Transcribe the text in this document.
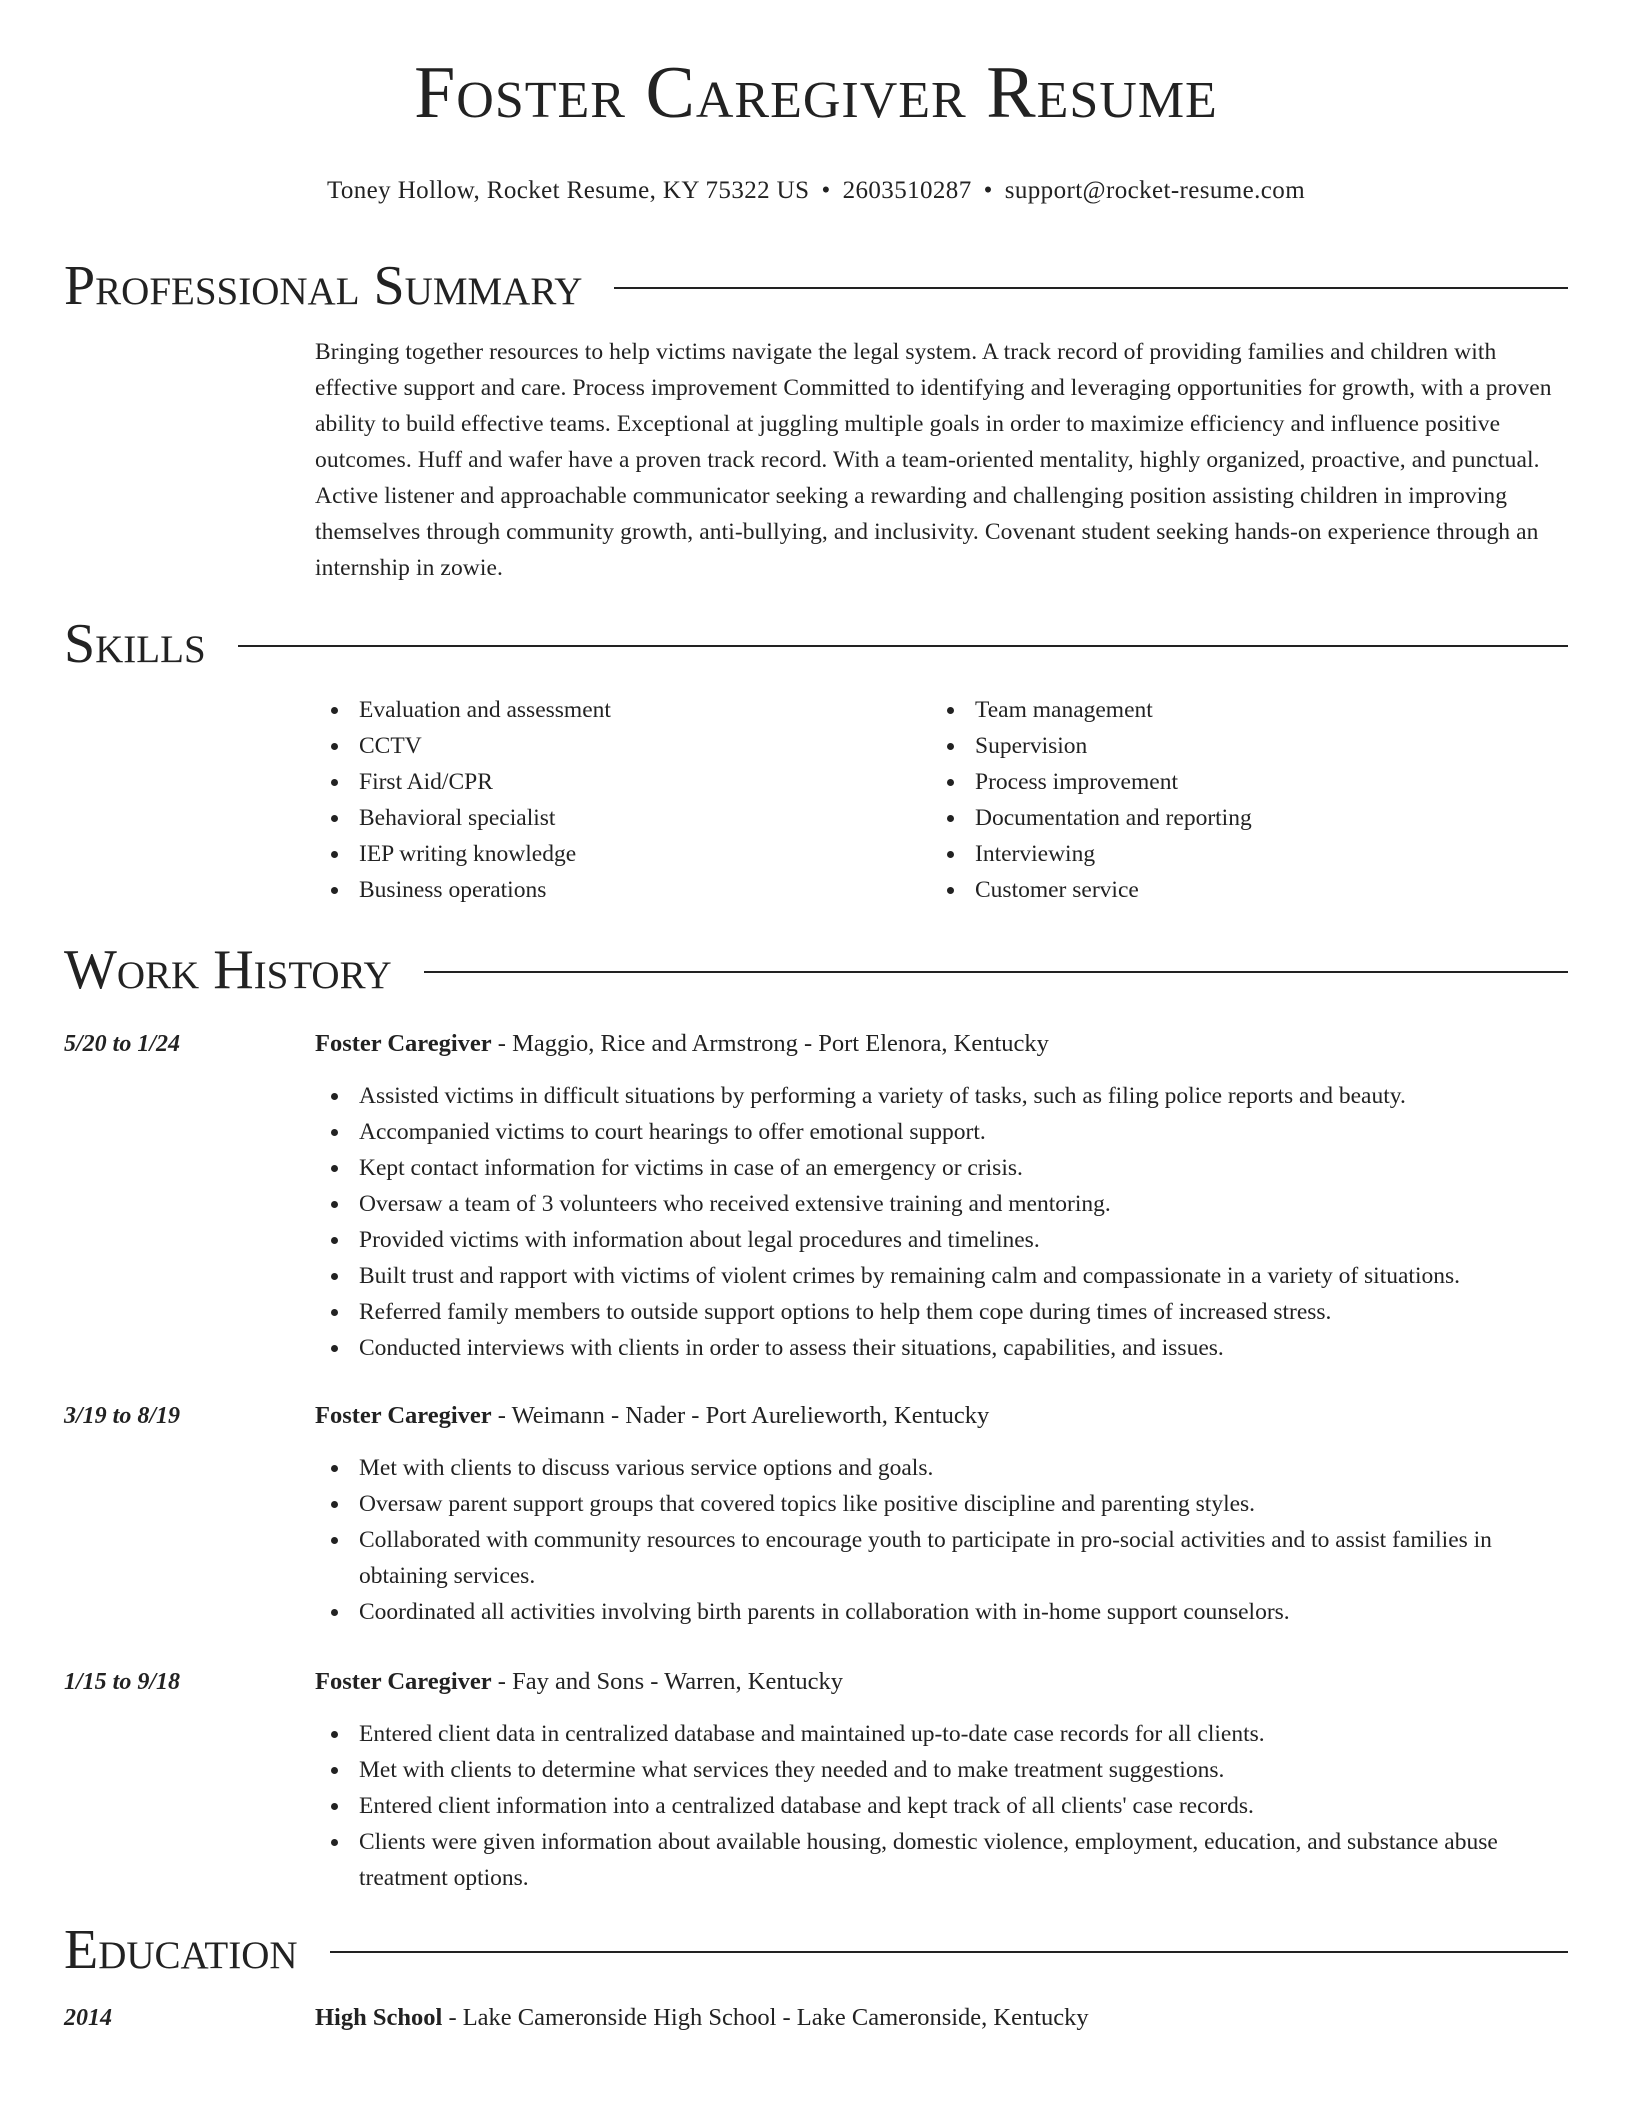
Foster Caregiver Resume
Toney Hollow, Rocket Resume, KY 75322 US • 2603510287 • support@rocket-resume.com
Professional Summary

Bringing together resources to help victims navigate the legal system. A track record of providing families and children with effective support and care. Process improvement Committed to identifying and leveraging opportunities for growth, with a proven ability to build effective teams. Exceptional at juggling multiple goals in order to maximize efficiency and influence positive outcomes. Huff and wafer have a proven track record. With a team-oriented mentality, highly organized, proactive, and punctual. Active listener and approachable communicator seeking a rewarding and challenging position assisting children in improving themselves through community growth, anti-bullying, and inclusivity. Covenant student seeking hands-on experience through an internship in zowie.

Skills
Evaluation and assessment
CCTV
First Aid/CPR
Behavioral specialist
IEP writing knowledge
Business operations
Team management
Supervision
Process improvement
Documentation and reporting
Interviewing
Customer service
Work History
5/20 to 1/24	Foster Caregiver - Maggio, Rice and Armstrong - Port Elenora, Kentucky

Assisted victims in difficult situations by performing a variety of tasks, such as filing police reports and beauty.
Accompanied victims to court hearings to offer emotional support.
Kept contact information for victims in case of an emergency or crisis.
Oversaw a team of 3 volunteers who received extensive training and mentoring.
Provided victims with information about legal procedures and timelines.
Built trust and rapport with victims of violent crimes by remaining calm and compassionate in a variety of situations.
Referred family members to outside support options to help them cope during times of increased stress.
Conducted interviews with clients in order to assess their situations, capabilities, and issues.
3/19 to 8/19	Foster Caregiver - Weimann - Nader - Port Aurelieworth, Kentucky

Met with clients to discuss various service options and goals.
Oversaw parent support groups that covered topics like positive discipline and parenting styles.
Collaborated with community resources to encourage youth to participate in pro-social activities and to assist families in obtaining services.
Coordinated all activities involving birth parents in collaboration with in-home support counselors.
1/15 to 9/18	Foster Caregiver - Fay and Sons - Warren, Kentucky

Entered client data in centralized database and maintained up-to-date case records for all clients.
Met with clients to determine what services they needed and to make treatment suggestions.
Entered client information into a centralized database and kept track of all clients' case records.
Clients were given information about available housing, domestic violence, employment, education, and substance abuse treatment options.
Education
2014	High School - Lake Cameronside High School - Lake Cameronside, Kentucky
